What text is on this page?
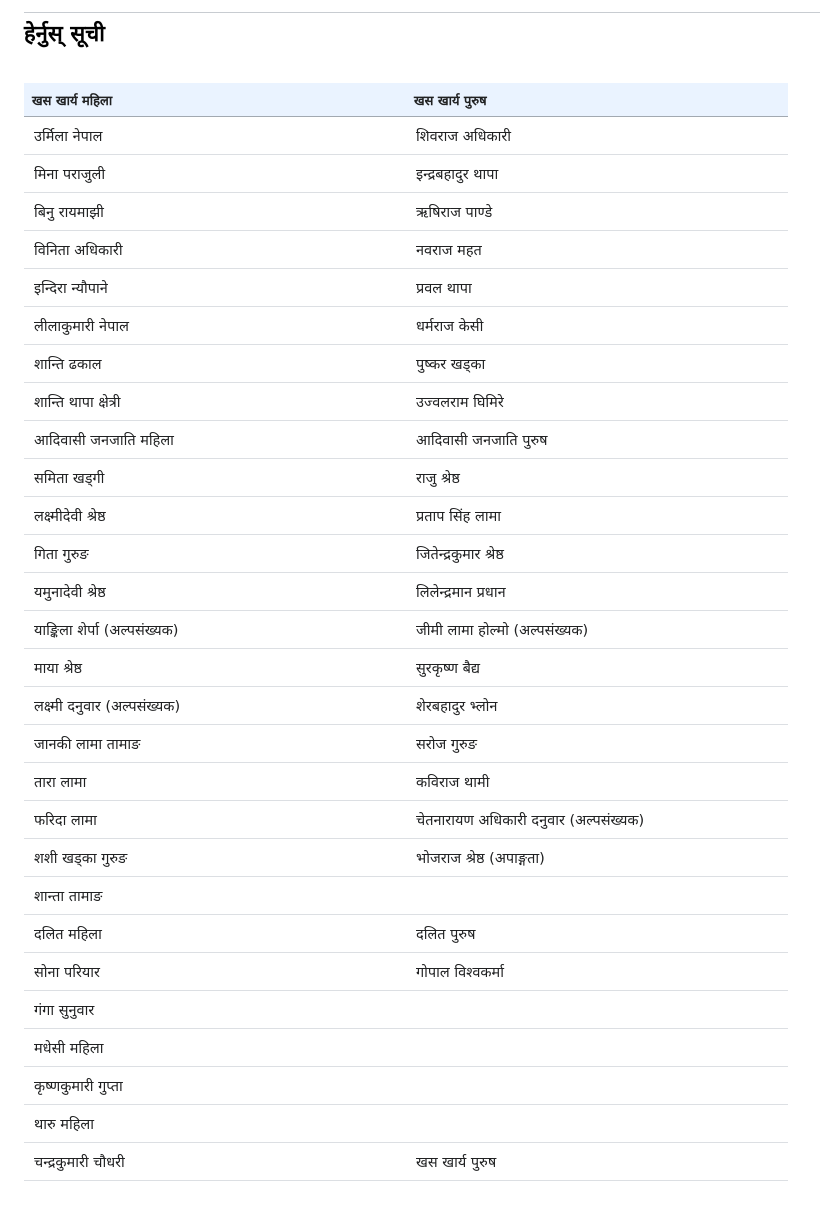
हेर्नुस् सूची
खस खार्य महिला	खस खार्य पुरुष
उर्मिला नेपाल	शिवराज अधिकारी
मिना पराजुली	इन्द्रबहादुर थापा
बिनु रायमाझी	ऋषिराज पाण्डे
विनिता अधिकारी	नवराज महत
इन्दिरा न्यौपाने	प्रवल थापा
लीलाकुमारी नेपाल	धर्मराज केसी
शान्ति ढकाल	पुष्कर खड्का
शान्ति थापा क्षेत्री	उज्वलराम घिमिरे
आदिवासी जनजाति महिला	आदिवासी जनजाति पुरुष
समिता खड्गी	राजु श्रेष्ठ
लक्ष्मीदेवी श्रेष्ठ	प्रताप सिंह लामा
गिता गुरुङ	जितेन्द्रकुमार श्रेष्ठ
यमुनादेवी श्रेष्ठ	लिलेन्द्रमान प्रधान
याङ्किला शेर्पा (अल्पसंख्यक)	जीमी लामा होल्मो (अल्पसंख्यक)
माया श्रेष्ठ	सुरकृष्ण बैद्य
लक्ष्मी दनुवार (अल्पसंख्यक)	शेरबहादुर भ्लोन
जानकी लामा तामाङ	सरोज गुरुङ
तारा लामा	कविराज थामी
फरिदा लामा	चेतनारायण अधिकारी दनुवार (अल्पसंख्यक)
शशी खड्का गुरुङ	भोजराज श्रेष्ठ (अपाङ्गता)
शान्ता तामाङ	
दलित महिला	दलित पुरुष
सोना परियार	गोपाल विश्वकर्मा
गंगा सुनुवार	
मधेसी महिला	
कृष्णकुमारी गुप्ता	
थारु महिला	
चन्द्रकुमारी चौधरी	खस खार्य पुरुष
